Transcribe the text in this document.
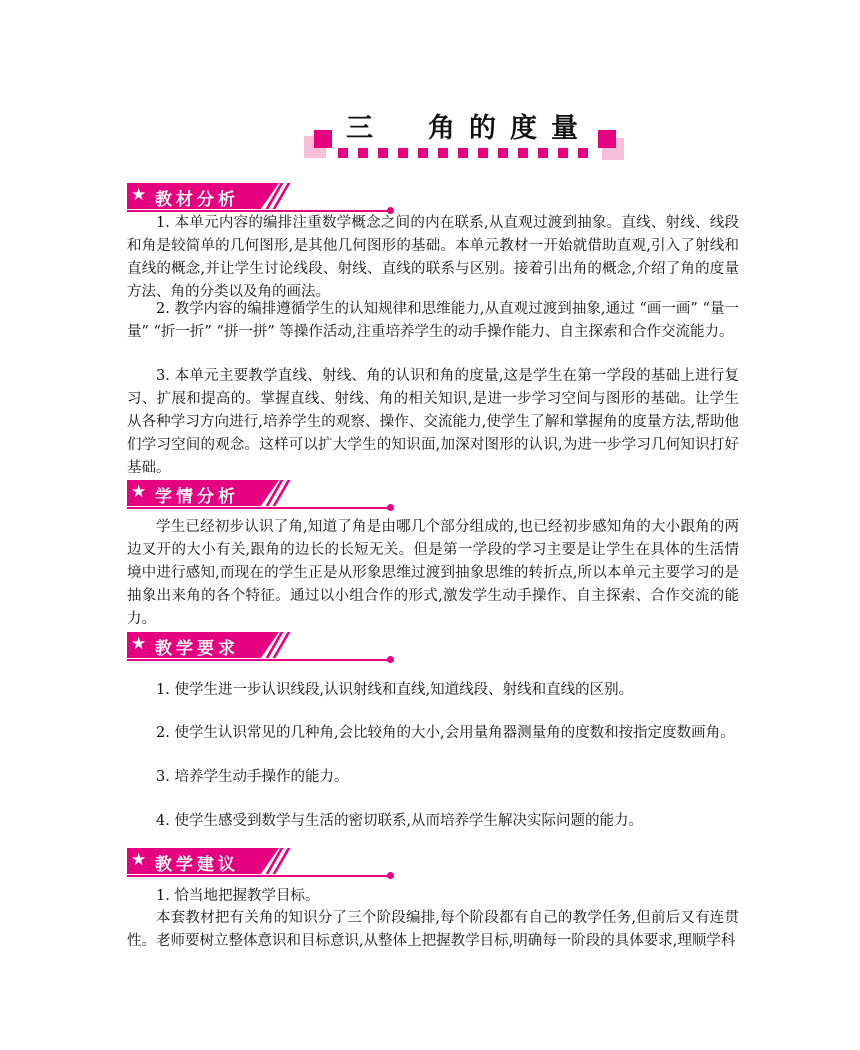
三　角的度量
★ 教材分析
1. 本单元内容的编排注重数学概念之间的内在联系,从直观过渡到抽象。直线、射线、线段和角是较简单的几何图形,是其他几何图形的基础。本单元教材一开始就借助直观,引入了射线和直线的概念,并让学生讨论线段、射线、直线的联系与区别。接着引出角的概念,介绍了角的度量方法、角的分类以及角的画法。
2. 教学内容的编排遵循学生的认知规律和思维能力,从直观过渡到抽象,通过 “画一画” “量一量” “折一折” “拼一拼” 等操作活动,注重培养学生的动手操作能力、自主探索和合作交流能力。
3. 本单元主要教学直线、射线、角的认识和角的度量,这是学生在第一学段的基础上进行复习、扩展和提高的。掌握直线、射线、角的相关知识,是进一步学习空间与图形的基础。让学生从各种学习方向进行,培养学生的观察、操作、交流能力,使学生了解和掌握角的度量方法,帮助他们学习空间的观念。这样可以扩大学生的知识面,加深对图形的认识,为进一步学习几何知识打好基础。
★ 学情分析
学生已经初步认识了角,知道了角是由哪几个部分组成的,也已经初步感知角的大小跟角的两边叉开的大小有关,跟角的边长的长短无关。但是第一学段的学习主要是让学生在具体的生活情境中进行感知,而现在的学生正是从形象思维过渡到抽象思维的转折点,所以本单元主要学习的是抽象出来角的各个特征。通过以小组合作的形式,激发学生动手操作、自主探索、合作交流的能力。
★ 教学要求
1. 使学生进一步认识线段,认识射线和直线,知道线段、射线和直线的区别。
2. 使学生认识常见的几种角,会比较角的大小,会用量角器测量角的度数和按指定度数画角。
3. 培养学生动手操作的能力。
4. 使学生感受到数学与生活的密切联系,从而培养学生解决实际问题的能力。
★ 教学建议
1. 恰当地把握教学目标。
本套教材把有关角的知识分了三个阶段编排,每个阶段都有自己的教学任务,但前后又有连贯性。老师要树立整体意识和目标意识,从整体上把握教学目标,明确每一阶段的具体要求,理顺学科
